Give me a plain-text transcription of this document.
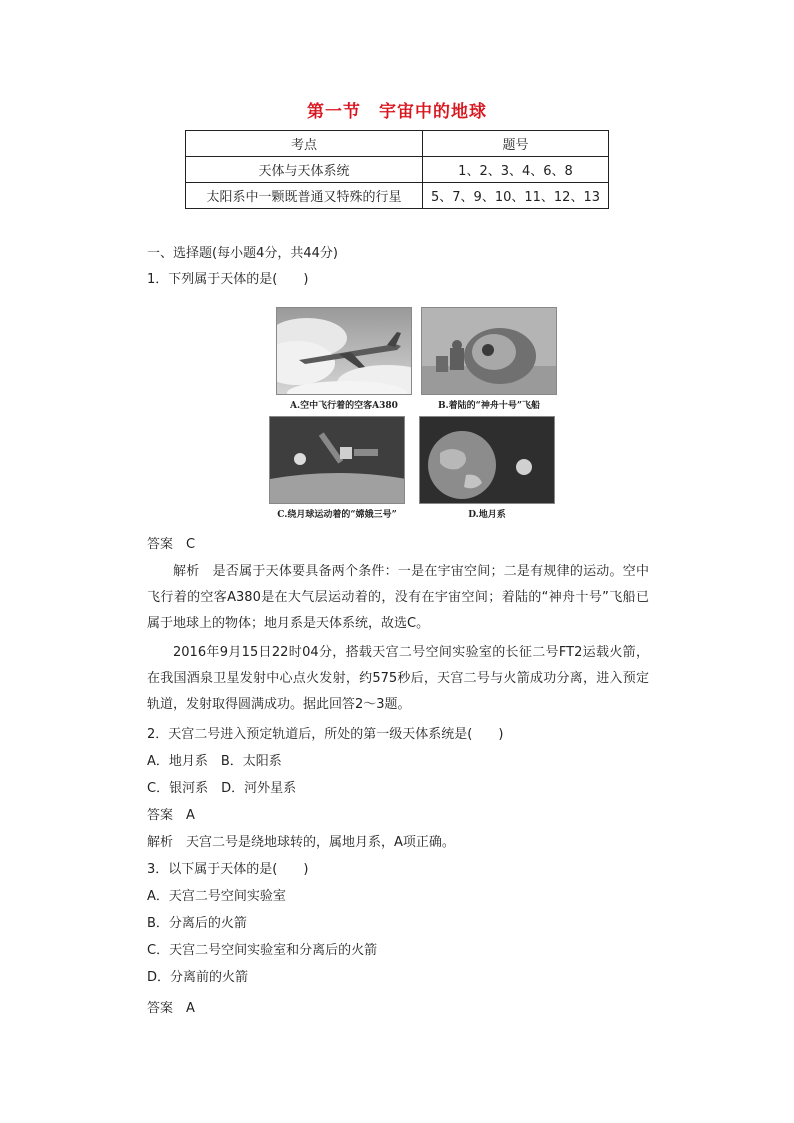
第一节　宇宙中的地球
考点	题号
天体与天体系统	1、2、3、4、6、8
太阳系中一颗既普通又特殊的行星	5、7、9、10、11、12、13
一、选择题(每小题4分，共44分)
1．下列属于天体的是(　　)
A.空中飞行着的空客A380	B.着陆的“神舟十号”飞船
C.绕月球运动着的“嫦娥三号”	D.地月系
答案　C
解析　是否属于天体要具备两个条件：一是在宇宙空间；二是有规律的运动。空中飞行着的空客A380是在大气层运动着的，没有在宇宙空间；着陆的“神舟十号”飞船已属于地球上的物体；地月系是天体系统，故选C。
2016年9月15日22时04分，搭载天宫二号空间实验室的长征二号FT2运载火箭，在我国酒泉卫星发射中心点火发射，约575秒后，天宫二号与火箭成功分离，进入预定轨道，发射取得圆满成功。据此回答2～3题。
2．天宫二号进入预定轨道后，所处的第一级天体系统是(　　)
A．地月系　B．太阳系
C．银河系　D．河外星系
答案　A
解析　天宫二号是绕地球转的，属地月系，A项正确。
3．以下属于天体的是(　　)
A．天宫二号空间实验室
B．分离后的火箭
C．天宫二号空间实验室和分离后的火箭
D．分离前的火箭
答案　A
